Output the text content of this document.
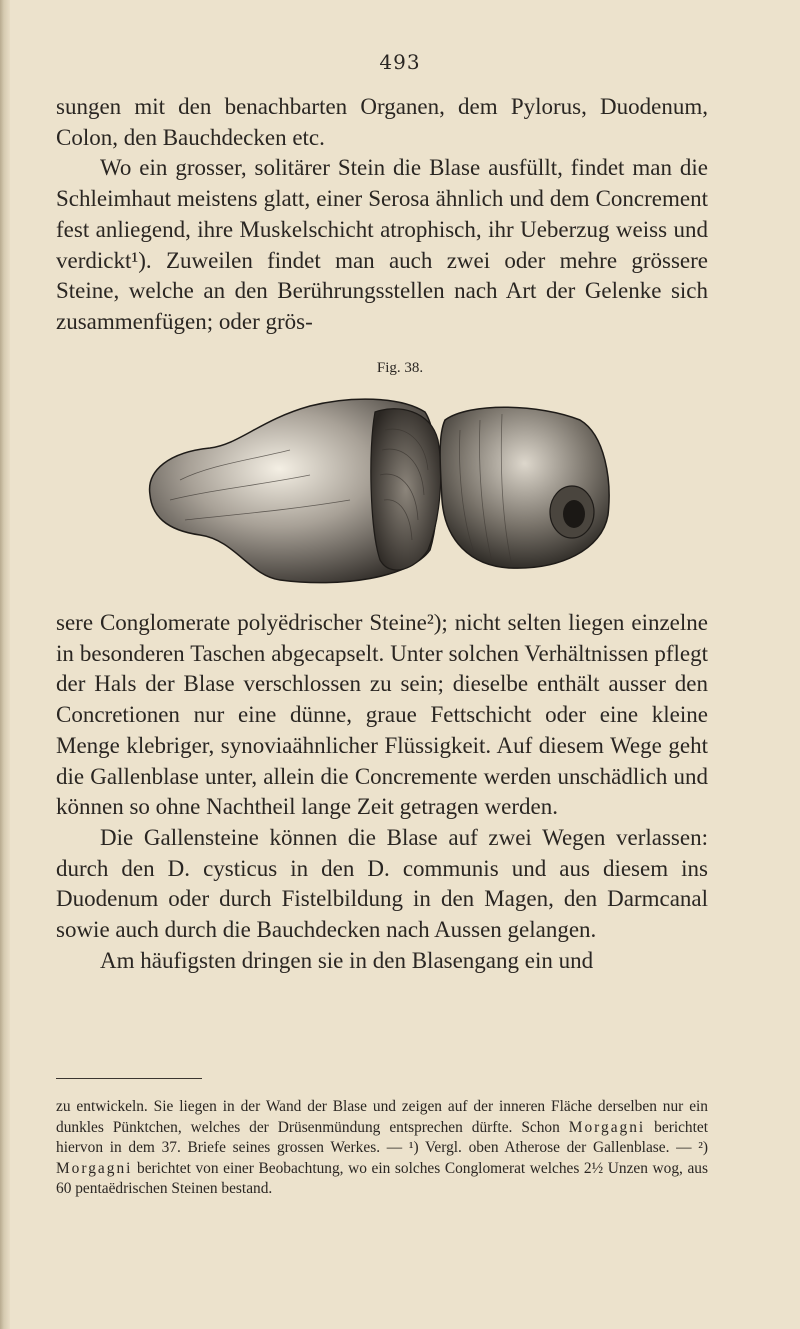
493

sungen mit den benachbarten Organen, dem Pylorus, Duodenum, Colon, den Bauchdecken etc.

Wo ein grosser, solitärer Stein die Blase ausfüllt, findet man die Schleimhaut meistens glatt, einer Serosa ähnlich und dem Concrement fest anliegend, ihre Muskelschicht atrophisch, ihr Ueberzug weiss und verdickt¹). Zuweilen findet man auch zwei oder mehre grössere Steine, welche an den Berührungsstellen nach Art der Gelenke sich zusammenfügen; oder grös-

Fig. 38.

sere Conglomerate polyëdrischer Steine²); nicht selten liegen einzelne in besonderen Taschen abgecapselt. Unter solchen Verhältnissen pflegt der Hals der Blase verschlossen zu sein; dieselbe enthält ausser den Concretionen nur eine dünne, graue Fettschicht oder eine kleine Menge klebriger, synoviaähnlicher Flüssigkeit. Auf diesem Wege geht die Gallenblase unter, allein die Concremente werden unschädlich und können so ohne Nachtheil lange Zeit getragen werden.

Die Gallensteine können die Blase auf zwei Wegen verlassen: durch den D. cysticus in den D. communis und aus diesem ins Duodenum oder durch Fistelbildung in den Magen, den Darmcanal sowie auch durch die Bauchdecken nach Aussen gelangen.

Am häufigsten dringen sie in den Blasengang ein und

zu entwickeln. Sie liegen in der Wand der Blase und zeigen auf der inneren Fläche derselben nur ein dunkles Pünktchen, welches der Drüsenmündung entsprechen dürfte. Schon Morgagni berichtet hiervon in dem 37. Briefe seines grossen Werkes. — ¹) Vergl. oben Atherose der Gallenblase. — ²) Morgagni berichtet von einer Beobachtung, wo ein solches Conglomerat welches 2½ Unzen wog, aus 60 pentaëdrischen Steinen bestand.
